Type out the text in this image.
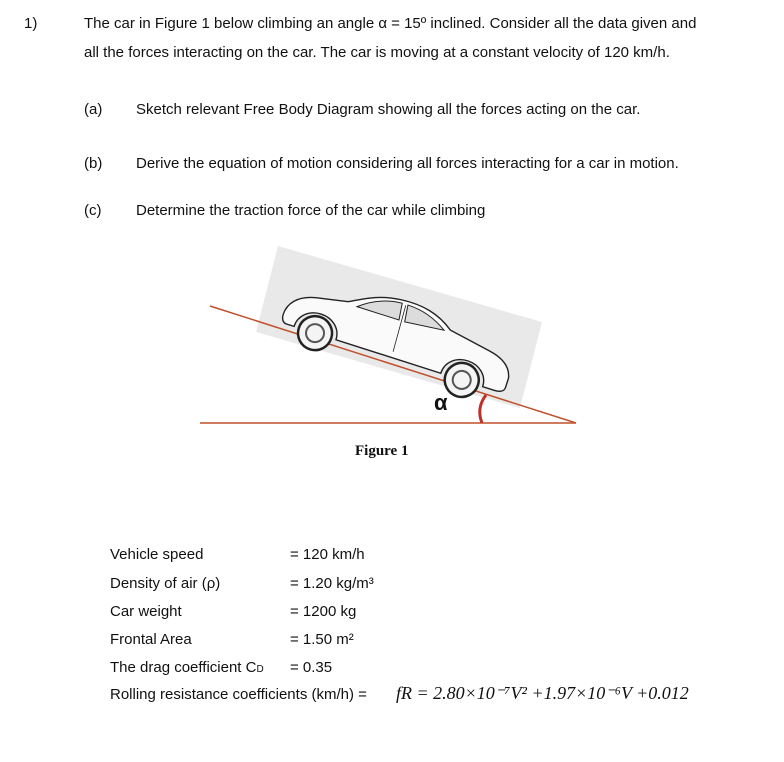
1)	The car in Figure 1 below climbing an angle α = 15º inclined. Consider all the data given and
all the forces interacting on the car. The car is moving at a constant velocity of 120 km/h.
(a) Sketch relevant Free Body Diagram showing all the forces acting on the car.
(b) Derive the equation of motion considering all forces interacting for a car in motion.
(c) Determine the traction force of the car while climbing
α
Figure 1
Vehicle speed	= 120 km/h
Density of air (ρ)	= 1.20 kg/m³
Car weight	= 1200 kg
Frontal Area	= 1.50 m²
The drag coefficient CD = 0.35
Rolling resistance coefficients (km/h) = fR = 2.80×10⁻⁷V² +1.97×10⁻⁶V +0.012
